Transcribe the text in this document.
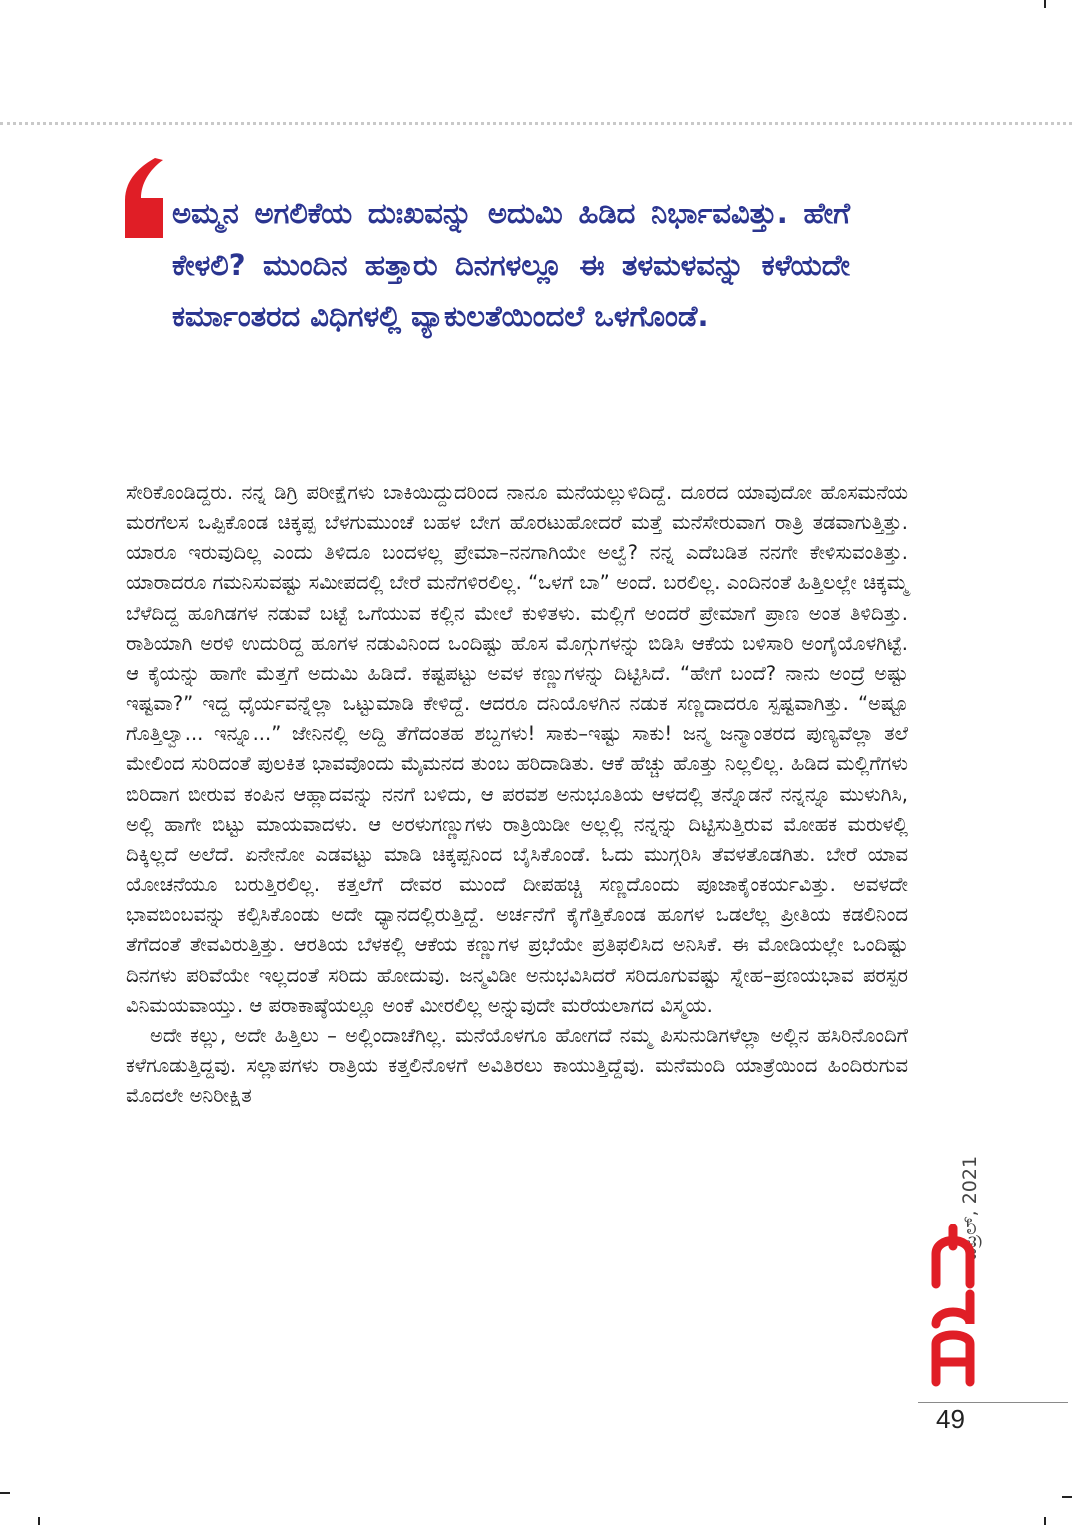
ಅಮ್ಮನ ಅಗಲಿಕೆಯ ದುಃಖವನ್ನು ಅದುಮಿ ಹಿಡಿದ ನಿರ್ಭಾವವಿತ್ತು. ಹೇಗೆ ಕೇಳಲಿ? ಮುಂದಿನ ಹತ್ತಾರು ದಿನಗಳಲ್ಲೂ ಈ ತಳಮಳವನ್ನು ಕಳೆಯದೇ ಕರ್ಮಾಂತರದ ವಿಧಿಗಳಲ್ಲಿ ವ್ಯಾಕುಲತೆಯಿಂದಲೆ ಒಳಗೊಂಡೆ.

ಸೇರಿಕೊಂಡಿದ್ದರು. ನನ್ನ ಡಿಗ್ರಿ ಪರೀಕ್ಷೆಗಳು ಬಾಕಿಯಿದ್ದುದರಿಂದ ನಾನೂ ಮನೆಯಲ್ಲುಳಿದಿದ್ದೆ. ದೂರದ ಯಾವುದೋ ಹೊಸಮನೆಯ ಮರಗೆಲಸ ಒಪ್ಪಿಕೊಂಡ ಚಿಕ್ಕಪ್ಪ ಬೆಳಗುಮುಂಚೆ ಬಹಳ ಬೇಗ ಹೊರಟುಹೋದರೆ ಮತ್ತೆ ಮನೆಸೇರುವಾಗ ರಾತ್ರಿ ತಡವಾಗುತ್ತಿತ್ತು. ಯಾರೂ ಇರುವುದಿಲ್ಲ ಎಂದು ತಿಳಿದೂ ಬಂದಳಲ್ಲ ಪ್ರೇಮಾ–ನನಗಾಗಿಯೇ ಅಲ್ವೆ? ನನ್ನ ಎದೆಬಡಿತ ನನಗೇ ಕೇಳಿಸುವಂತಿತ್ತು. ಯಾರಾದರೂ ಗಮನಿಸುವಷ್ಟು ಸಮೀಪದಲ್ಲಿ ಬೇರೆ ಮನೆಗಳಿರಲಿಲ್ಲ. “ಒಳಗೆ ಬಾ” ಅಂದೆ. ಬರಲಿಲ್ಲ. ಎಂದಿನಂತೆ ಹಿತ್ತಿಲಲ್ಲೇ ಚಿಕ್ಕಮ್ಮ ಬೆಳೆದಿದ್ದ ಹೂಗಿಡಗಳ ನಡುವೆ ಬಟ್ಟೆ ಒಗೆಯುವ ಕಲ್ಲಿನ ಮೇಲೆ ಕುಳಿತಳು. ಮಲ್ಲಿಗೆ ಅಂದರೆ ಪ್ರೇಮಾಗೆ ಪ್ರಾಣ ಅಂತ ತಿಳಿದಿತ್ತು. ರಾಶಿಯಾಗಿ ಅರಳಿ ಉದುರಿದ್ದ ಹೂಗಳ ನಡುವಿನಿಂದ ಒಂದಿಷ್ಟು ಹೊಸ ಮೊಗ್ಗುಗಳನ್ನು ಬಿಡಿಸಿ ಆಕೆಯ ಬಳಿಸಾರಿ ಅಂಗೈಯೊಳಗಿಟ್ಟೆ. ಆ ಕೈಯನ್ನು ಹಾಗೇ ಮೆತ್ತಗೆ ಅದುಮಿ ಹಿಡಿದೆ. ಕಷ್ಟಪಟ್ಟು ಅವಳ ಕಣ್ಣುಗಳನ್ನು ದಿಟ್ಟಿಸಿದೆ. “ಹೇಗೆ ಬಂದೆ? ನಾನು ಅಂದ್ರೆ ಅಷ್ಟು ಇಷ್ಟವಾ?” ಇದ್ದ ಧೈರ್ಯವನ್ನೆಲ್ಲಾ ಒಟ್ಟುಮಾಡಿ ಕೇಳಿದ್ದೆ. ಆದರೂ ದನಿಯೊಳಗಿನ ನಡುಕ ಸಣ್ಣದಾದರೂ ಸ್ಪಷ್ಟವಾಗಿತ್ತು. “ಅಷ್ಟೂ ಗೊತ್ತಿಲ್ವಾ... ಇನ್ನೂ...” ಜೇನಿನಲ್ಲಿ ಅದ್ದಿ ತೆಗೆದಂತಹ ಶಬ್ದಗಳು! ಸಾಕು–ಇಷ್ಟು ಸಾಕು! ಜನ್ಮ ಜನ್ಮಾಂತರದ ಪುಣ್ಯವೆಲ್ಲಾ ತಲೆ ಮೇಲಿಂದ ಸುರಿದಂತೆ ಪುಲಕಿತ ಭಾವವೊಂದು ಮೈಮನದ ತುಂಬ ಹರಿದಾಡಿತು. ಆಕೆ ಹೆಚ್ಚು ಹೊತ್ತು ನಿಲ್ಲಲಿಲ್ಲ. ಹಿಡಿದ ಮಲ್ಲಿಗೆಗಳು ಬಿರಿದಾಗ ಬೀರುವ ಕಂಪಿನ ಆಹ್ಲಾದವನ್ನು ನನಗೆ ಬಳಿದು, ಆ ಪರವಶ ಅನುಭೂತಿಯ ಆಳದಲ್ಲಿ ತನ್ನೊಡನೆ ನನ್ನನ್ನೂ ಮುಳುಗಿಸಿ, ಅಲ್ಲಿ ಹಾಗೇ ಬಿಟ್ಟು ಮಾಯವಾದಳು. ಆ ಅರಳುಗಣ್ಣುಗಳು ರಾತ್ರಿಯಿಡೀ ಅಲ್ಲಲ್ಲಿ ನನ್ನನ್ನು ದಿಟ್ಟಿಸುತ್ತಿರುವ ಮೋಹಕ ಮರುಳಲ್ಲಿ ದಿಕ್ಕಿಲ್ಲದೆ ಅಲೆದೆ. ಏನೇನೋ ಎಡವಟ್ಟು ಮಾಡಿ ಚಿಕ್ಕಪ್ಪನಿಂದ ಬೈಸಿಕೊಂಡೆ. ಓದು ಮುಗ್ಗರಿಸಿ ತೆವಳತೊಡಗಿತು. ಬೇರೆ ಯಾವ ಯೋಚನೆಯೂ ಬರುತ್ತಿರಲಿಲ್ಲ. ಕತ್ತಲೆಗೆ ದೇವರ ಮುಂದೆ ದೀಪಹಚ್ಚಿ ಸಣ್ಣದೊಂದು ಪೂಜಾಕೈಂಕರ್ಯವಿತ್ತು. ಅವಳದೇ ಭಾವಬಿಂಬವನ್ನು ಕಲ್ಪಿಸಿಕೊಂಡು ಅದೇ ಧ್ಯಾನದಲ್ಲಿರುತ್ತಿದ್ದೆ. ಅರ್ಚನೆಗೆ ಕೈಗೆತ್ತಿಕೊಂಡ ಹೂಗಳ ಒಡಲೆಲ್ಲ ಪ್ರೀತಿಯ ಕಡಲಿನಿಂದ ತೆಗೆದಂತೆ ತೇವವಿರುತ್ತಿತ್ತು. ಆರತಿಯ ಬೆಳಕಲ್ಲಿ ಆಕೆಯ ಕಣ್ಣುಗಳ ಪ್ರಭೆಯೇ ಪ್ರತಿಫಲಿಸಿದ ಅನಿಸಿಕೆ. ಈ ಮೋಡಿಯಲ್ಲೇ ಒಂದಿಷ್ಟು ದಿನಗಳು ಪರಿವೆಯೇ ಇಲ್ಲದಂತೆ ಸರಿದು ಹೋದುವು. ಜನ್ಮವಿಡೀ ಅನುಭವಿಸಿದರೆ ಸರಿದೂಗುವಷ್ಟು ಸ್ನೇಹ–ಪ್ರಣಯಭಾವ ಪರಸ್ಪರ ವಿನಿಮಯವಾಯ್ತು. ಆ ಪರಾಕಾಷ್ಠೆಯಲ್ಲೂ ಅಂಕೆ ಮೀರಲಿಲ್ಲ ಅನ್ನುವುದೇ ಮರೆಯಲಾಗದ ವಿಸ್ಮಯ.

ಅದೇ ಕಲ್ಲು, ಅದೇ ಹಿತ್ತಿಲು – ಅಲ್ಲಿಂದಾಚೆಗಿಲ್ಲ. ಮನೆಯೊಳಗೂ ಹೋಗದೆ ನಮ್ಮ ಪಿಸುನುಡಿಗಳೆಲ್ಲಾ ಅಲ್ಲಿನ ಹಸಿರಿನೊಂದಿಗೆ ಕಳೆಗೂಡುತ್ತಿದ್ದವು. ಸಲ್ಲಾಪಗಳು ರಾತ್ರಿಯ ಕತ್ತಲಿನೊಳಗೆ ಅವಿತಿರಲು ಕಾಯುತ್ತಿದ್ದೆವು. ಮನೆಮಂದಿ ಯಾತ್ರೆಯಿಂದ ಹಿಂದಿರುಗುವ ಮೊದಲೇ ಅನಿರೀಕ್ಷಿತ

ಏಪ್ರಿಲ್, 2021
49
